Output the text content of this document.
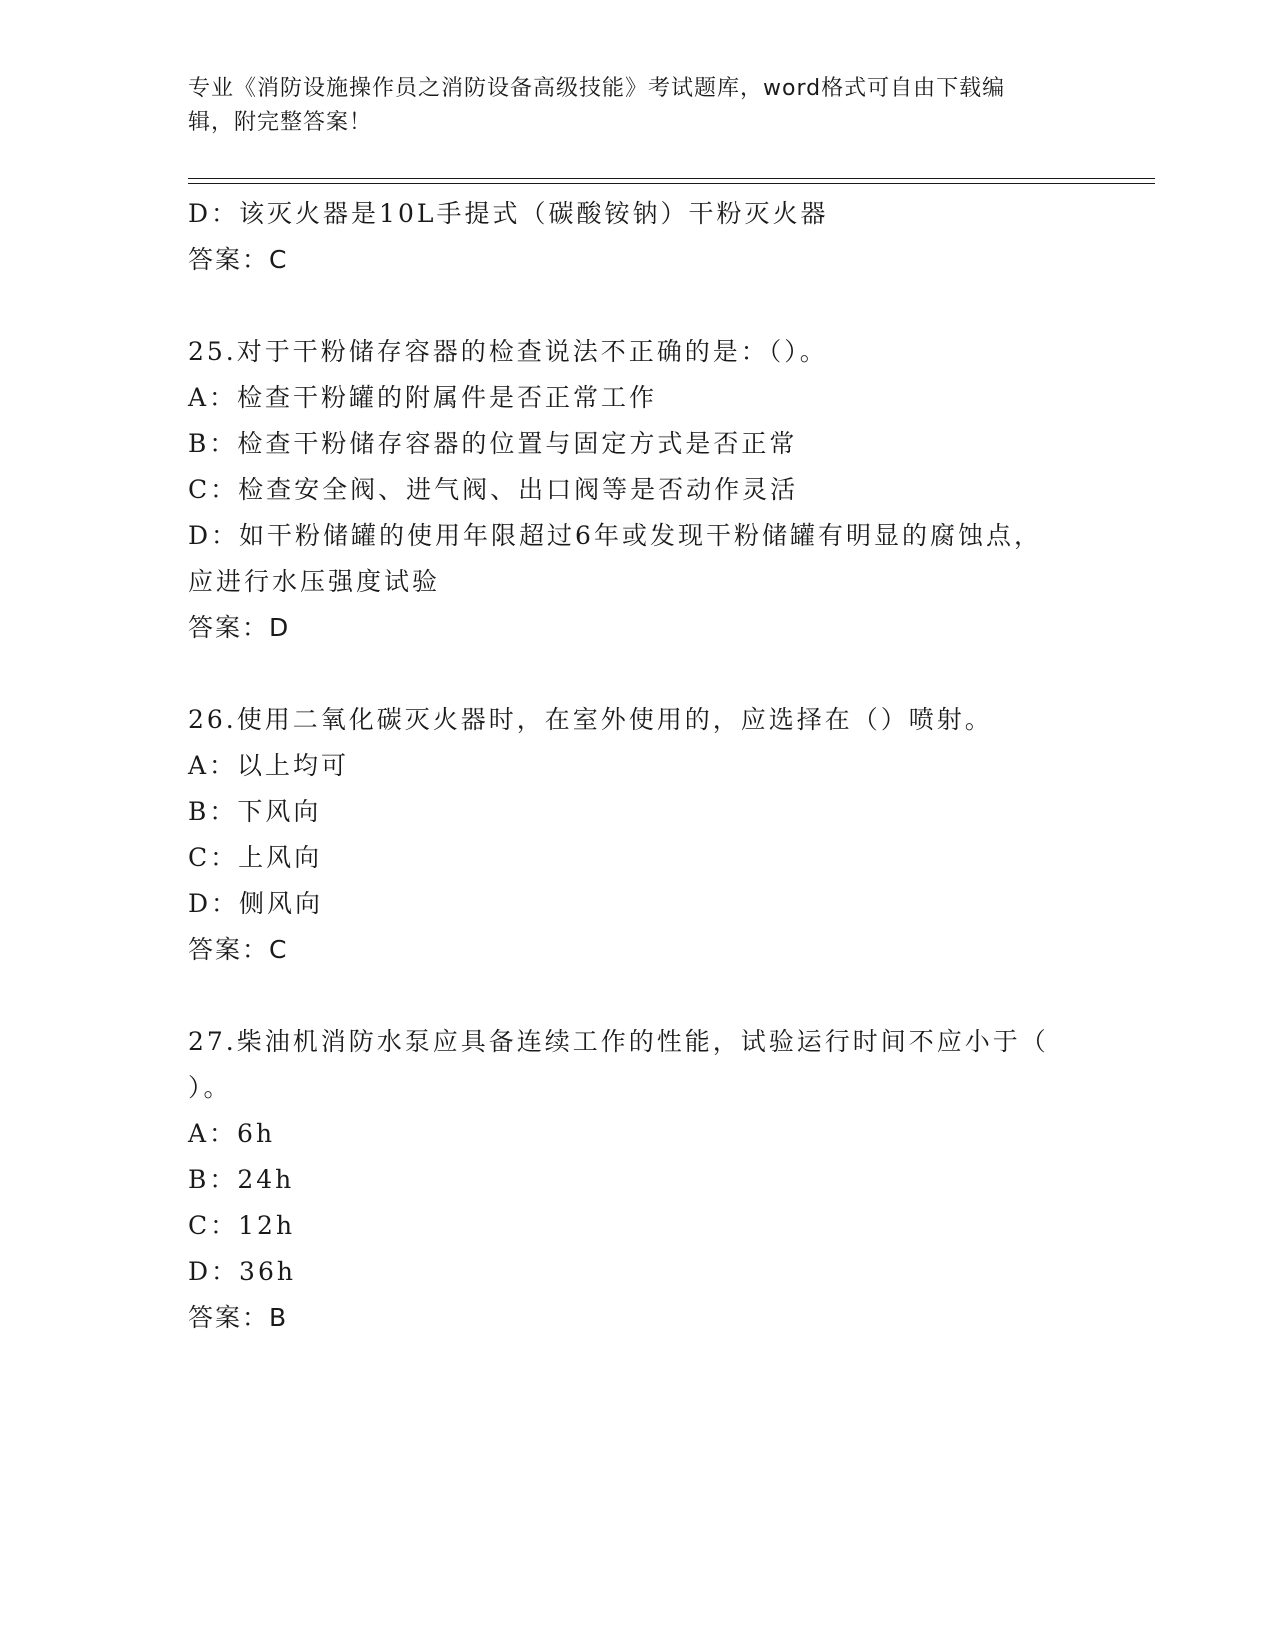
专业《消防设施操作员之消防设备高级技能》考试题库，word格式可自由下载编
辑，附完整答案！
D：该灭火器是10L手提式（碳酸铵钠）干粉灭火器
答案：C
25.对于干粉储存容器的检查说法不正确的是：（）。
A：检查干粉罐的附属件是否正常工作
B：检查干粉储存容器的位置与固定方式是否正常
C：检查安全阀、进气阀、出口阀等是否动作灵活
D：如干粉储罐的使用年限超过6年或发现干粉储罐有明显的腐蚀点，
应进行水压强度试验
答案：D
26.使用二氧化碳灭火器时，在室外使用的，应选择在（）喷射。
A：以上均可
B：下风向
C：上风向
D：侧风向
答案：C
27.柴油机消防水泵应具备连续工作的性能，试验运行时间不应小于（
）。
A：6h
B：24h
C：12h
D：36h
答案：B
